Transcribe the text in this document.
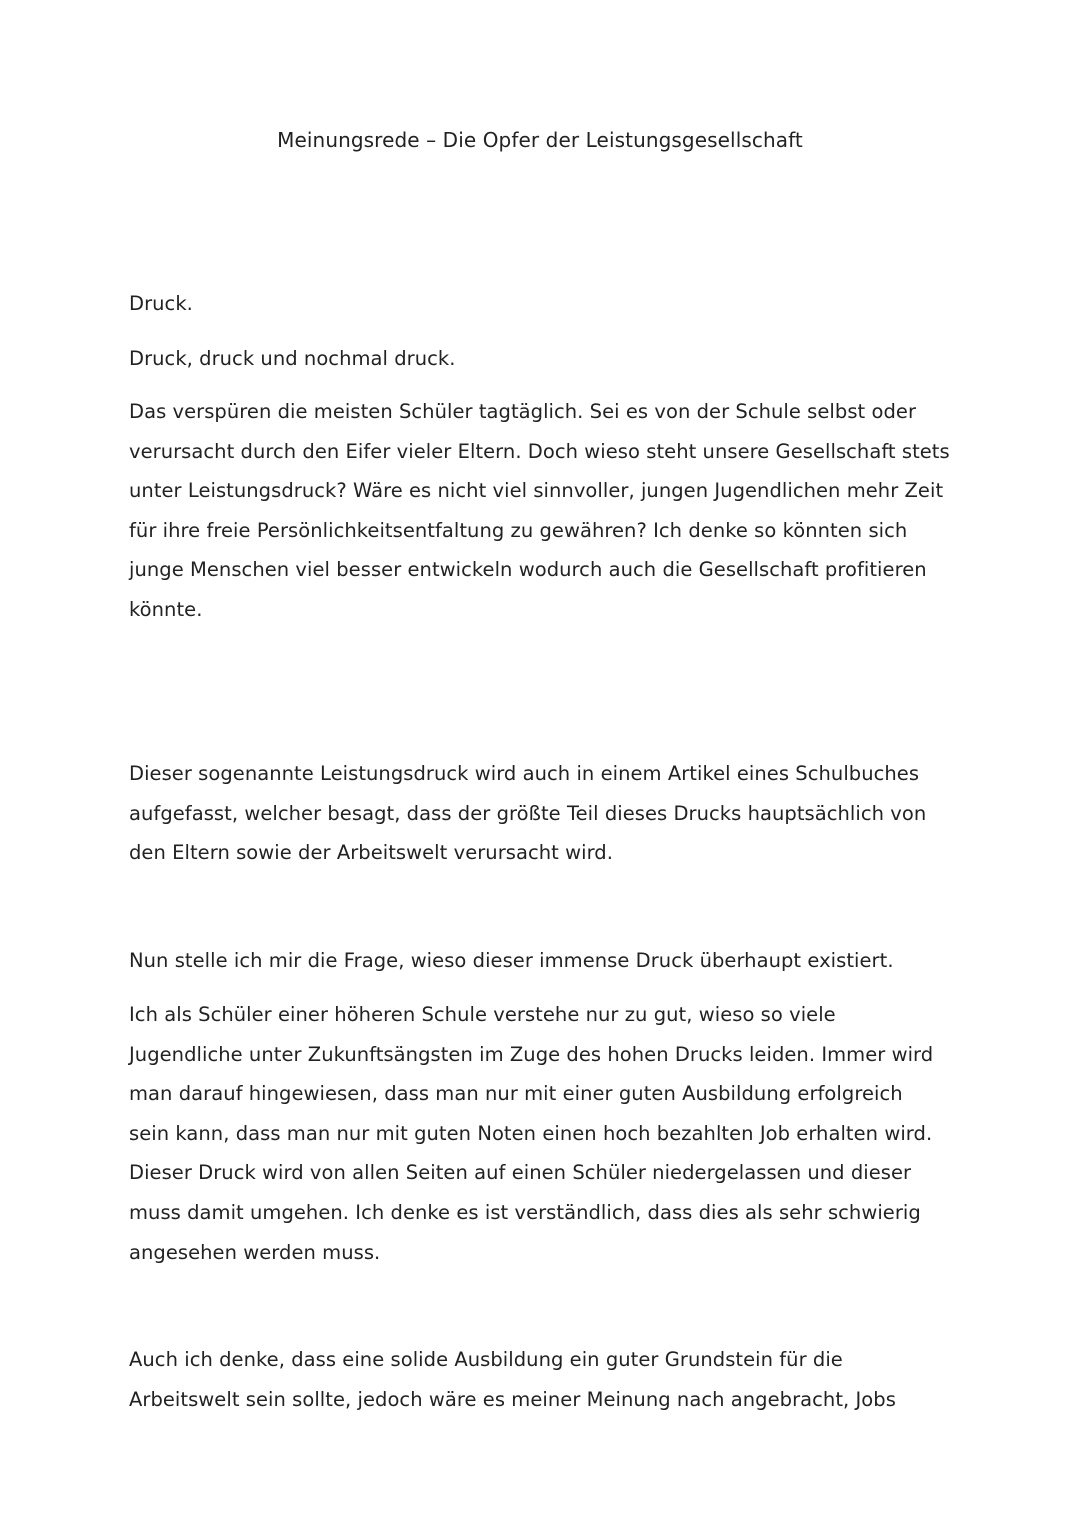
Meinungsrede – Die Opfer der Leistungsgesellschaft

Druck.

Druck, druck und nochmal druck.

Das verspüren die meisten Schüler tagtäglich. Sei es von der Schule selbst oder
verursacht durch den Eifer vieler Eltern. Doch wieso steht unsere Gesellschaft stets
unter Leistungsdruck? Wäre es nicht viel sinnvoller, jungen Jugendlichen mehr Zeit
für ihre freie Persönlichkeitsentfaltung zu gewähren? Ich denke so könnten sich
junge Menschen viel besser entwickeln wodurch auch die Gesellschaft profitieren
könnte.

Dieser sogenannte Leistungsdruck wird auch in einem Artikel eines Schulbuches
aufgefasst, welcher besagt, dass der größte Teil dieses Drucks hauptsächlich von
den Eltern sowie der Arbeitswelt verursacht wird.

Nun stelle ich mir die Frage, wieso dieser immense Druck überhaupt existiert.

Ich als Schüler einer höheren Schule verstehe nur zu gut, wieso so viele
Jugendliche unter Zukunftsängsten im Zuge des hohen Drucks leiden. Immer wird
man darauf hingewiesen, dass man nur mit einer guten Ausbildung erfolgreich
sein kann, dass man nur mit guten Noten einen hoch bezahlten Job erhalten wird.
Dieser Druck wird von allen Seiten auf einen Schüler niedergelassen und dieser
muss damit umgehen. Ich denke es ist verständlich, dass dies als sehr schwierig
angesehen werden muss.

Auch ich denke, dass eine solide Ausbildung ein guter Grundstein für die
Arbeitswelt sein sollte, jedoch wäre es meiner Meinung nach angebracht, Jobs
